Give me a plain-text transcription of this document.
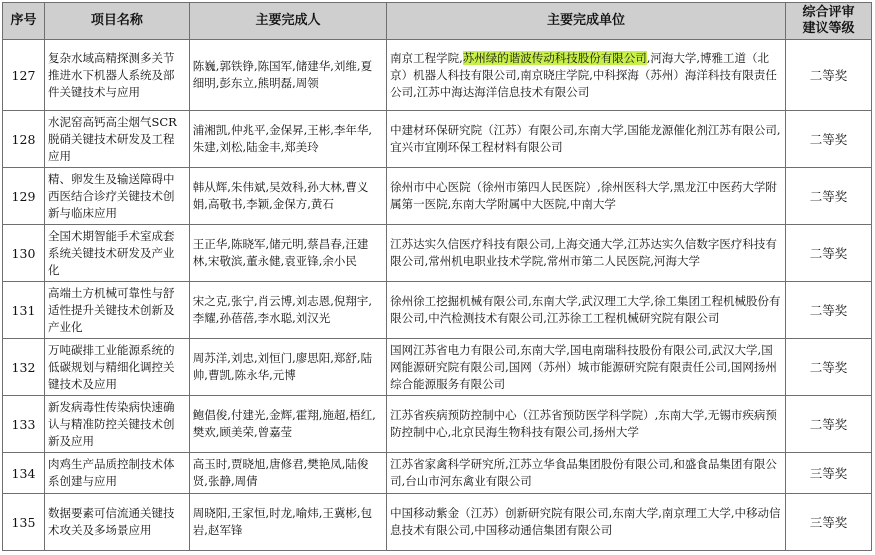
序号	项目名称	主要完成人	主要完成单位	综合评审
建议等级
127	复杂水域高精探测多关节推进水下机器人系统及部件关键技术与应用	陈巍,郭铁铮,陈国军,储建华,刘维,夏细明,彭东立,熊明磊,周领	南京工程学院,苏州绿的谐波传动科技股份有限公司,河海大学,博雅工道（北京）机器人科技有限公司,南京晓庄学院,中科探海（苏州）海洋科技有限责任公司,江苏中海达海洋信息技术有限公司	二等奖
128	水泥窑高钙高尘烟气SCR脱硝关键技术研发及工程应用	浦湘凯,仲兆平,金保昇,王彬,李年华,朱建,刘松,陆金丰,郑美玲	中建材环保研究院（江苏）有限公司,东南大学,国能龙源催化剂江苏有限公司,宜兴市宜刚环保工程材料有限公司	二等奖
129	精、卵发生及输送障碍中西医结合诊疗关键技术创新与临床应用	韩从辉,朱伟斌,吴效科,孙大林,曹义娟,高敬书,李颖,金保方,黄石	徐州市中心医院（徐州市第四人民医院）,徐州医科大学,黑龙江中医药大学附属第一医院,东南大学附属中大医院,中南大学	二等奖
130	全国术期智能手术室成套系统关键技术研发及产业化	王正华,陈晓军,储元明,蔡昌春,汪建林,宋敬滨,董永健,袁亚锋,余小民	江苏达实久信医疗科技有限公司,上海交通大学,江苏达实久信数字医疗科技有限公司,常州机电职业技术学院,常州市第二人民医院,河海大学	二等奖
131	高端土方机械可靠性与舒适性提升关键技术创新及产业化	宋之克,张宁,肖云博,刘志恩,倪翔宇,李耀,孙蓓蓓,李水聪,刘汉光	徐州徐工挖掘机械有限公司,东南大学,武汉理工大学,徐工集团工程机械股份有限公司,中汽检测技术有限公司,江苏徐工工程机械研究院有限公司	二等奖
132	万吨碳排工业能源系统的低碳规划与精细化调控关键技术及应用	周苏洋,刘忠,刘恒门,廖思阳,郑舒,陆帅,曹凯,陈永华,元博	国网江苏省电力有限公司,东南大学,国电南瑞科技股份有限公司,武汉大学,国网能源研究院有限公司,国网（苏州）城市能源研究院有限责任公司,国网扬州综合能源服务有限公司	二等奖
133	新发病毒性传染病快速确认与精准防控关键技术创新及应用	鲍倡俊,付建光,金辉,霍翔,施超,梧红,樊欢,顾美荣,曾嘉莹	江苏省疾病预防控制中心（江苏省预防医学科学院）,东南大学,无锡市疾病预防控制中心,北京民海生物科技有限公司,扬州大学	二等奖
134	肉鸡生产品质控制技术体系创建与应用	高玉时,贾晓旭,唐修君,樊艳凤,陆俊贤,张静,周倩	江苏省家禽科学研究所,江苏立华食品集团股份有限公司,和盛食品集团有限公司,台山市河东禽业有限公司	三等奖
135	数据要素可信流通关键技术攻关及多场景应用	周晓阳,王家恒,时龙,喻炜,王冀彬,包岩,赵军锋	中国移动紫金（江苏）创新研究院有限公司,东南大学,南京理工大学,中移动信息技术有限公司,中国移动通信集团有限公司	三等奖
